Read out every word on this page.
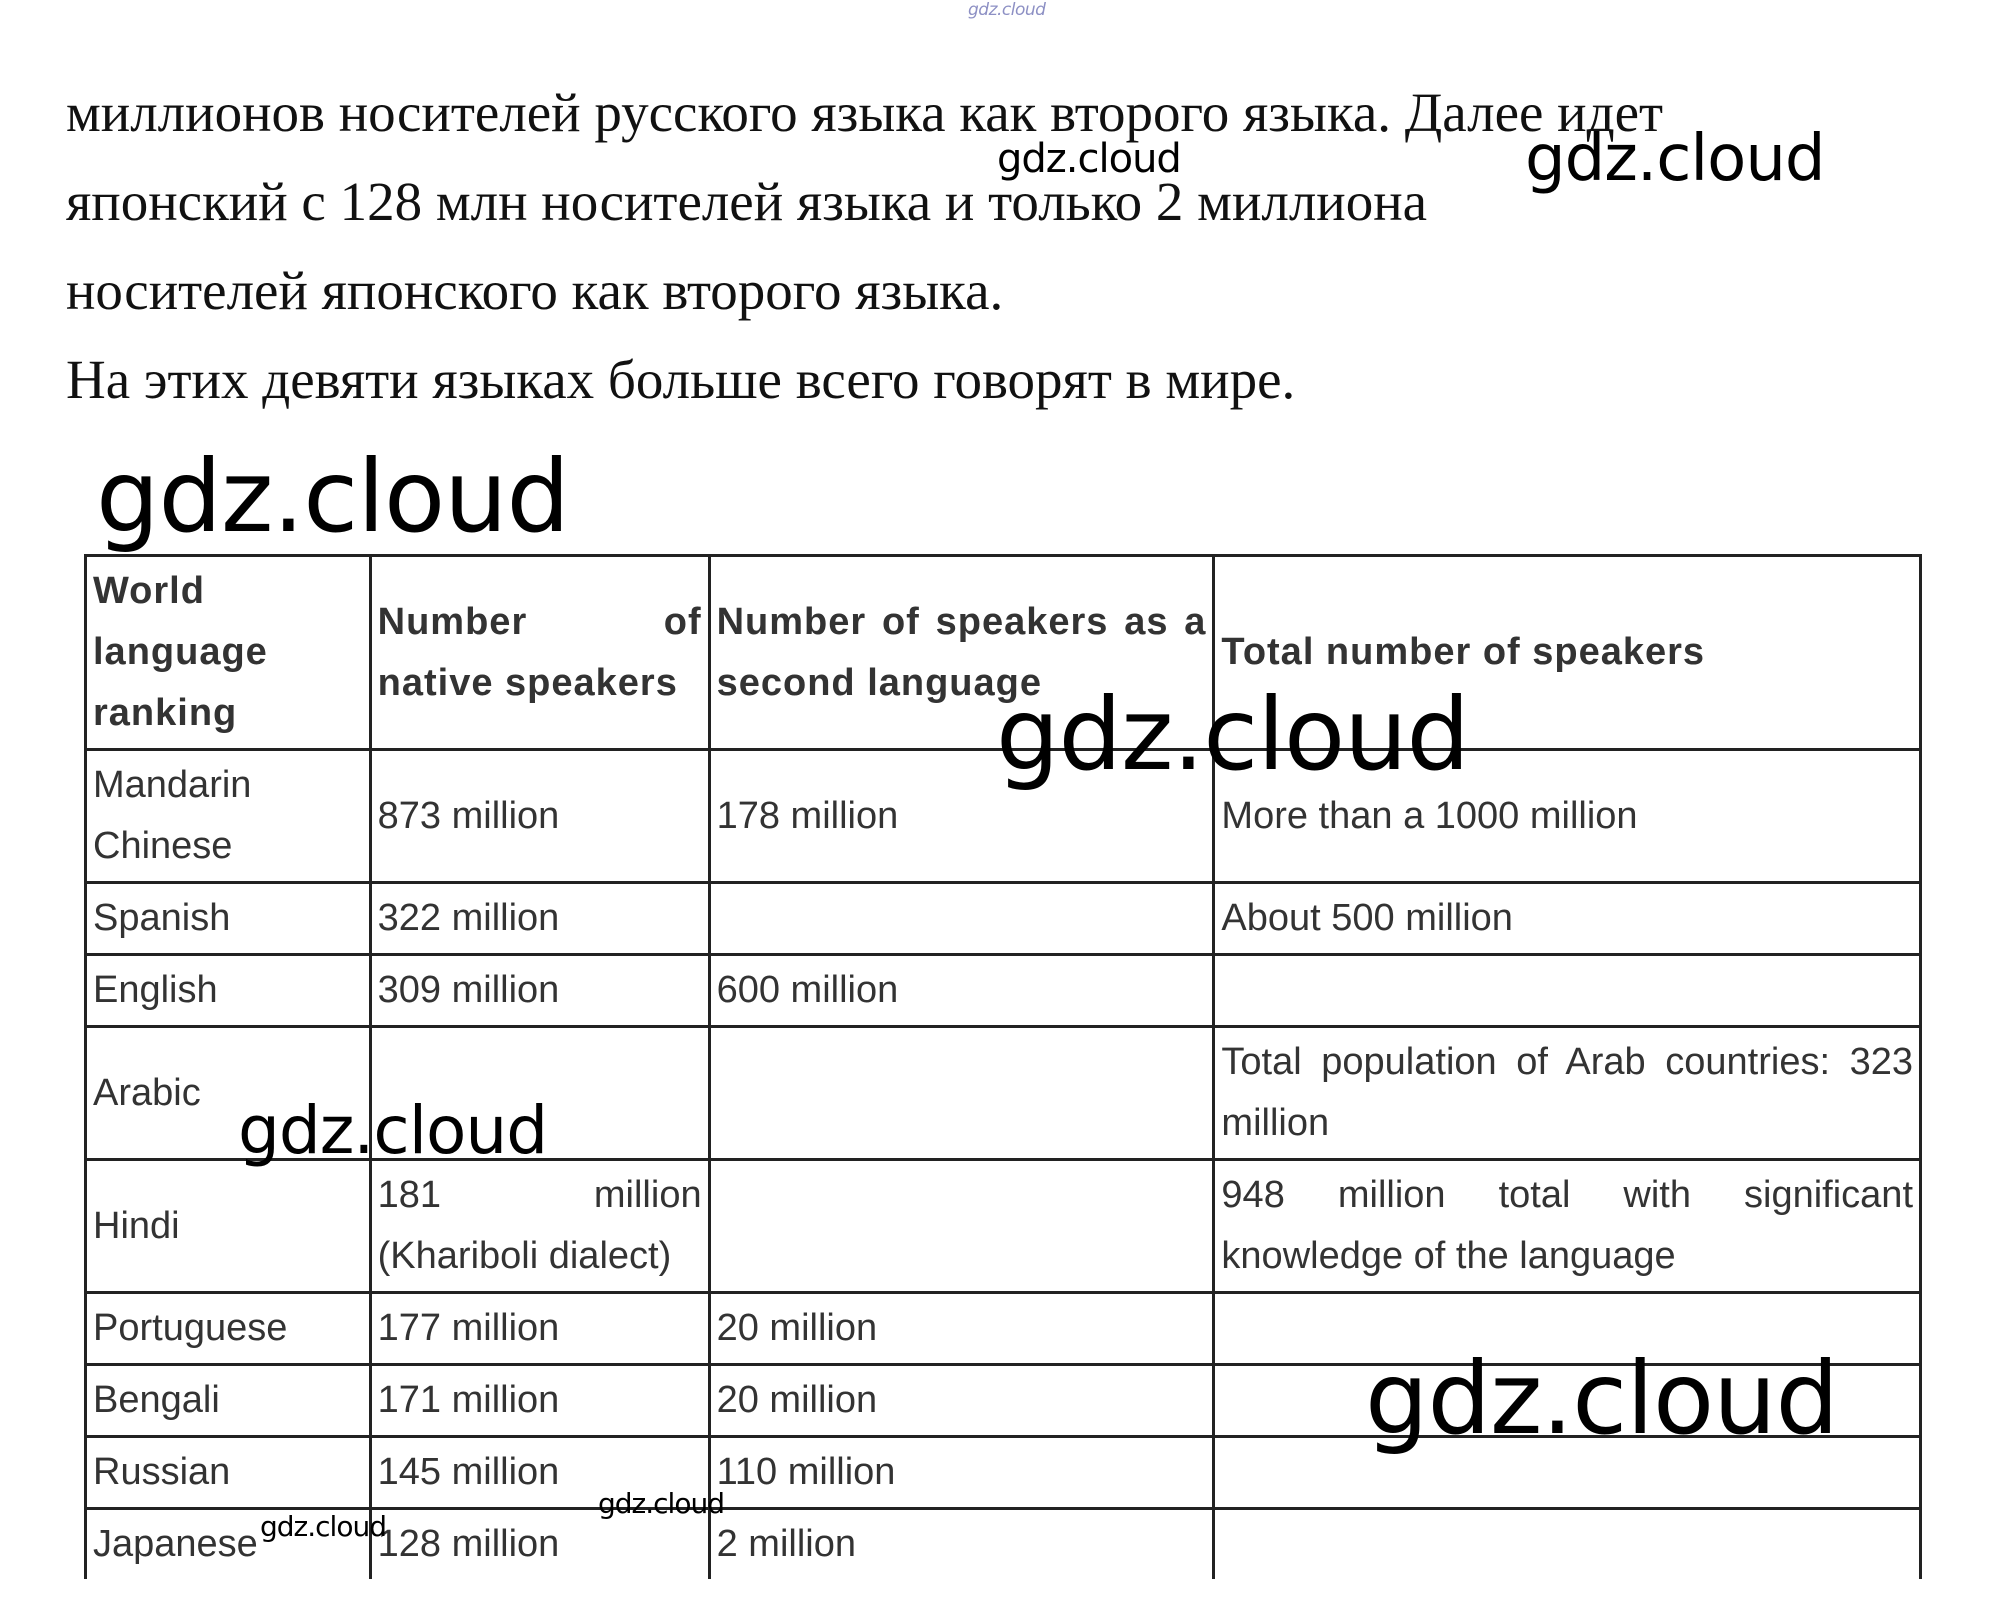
gdz.cloud
миллионов носителей русского языка как второго языка. Далее идет
японский с 128 млн носителей языка и только 2 миллиона
носителей японского как второго языка.
На этих девяти языках больше всего говорят в мире.
World language ranking	Number of native speakers	Number of speakers as a second language	Total number of speakers
Mandarin Chinese	873 million	178 million	More than a 1000 million
Spanish	322 million		About 500 million
English	309 million	600 million	
Arabic			Total population of Arab countries: 323 million
Hindi	181 million (Khariboli dialect)		948 million total with significant knowledge of the language
Portuguese	177 million	20 million	
Bengali	171 million	20 million	
Russian	145 million	110 million	
Japanese	128 million	2 million	
gdz.cloud	gdz.cloud
gdz.cloud
gdz.cloud
gdz.cloud
gdz.cloud
gdz.cloud
gdz.cloud
